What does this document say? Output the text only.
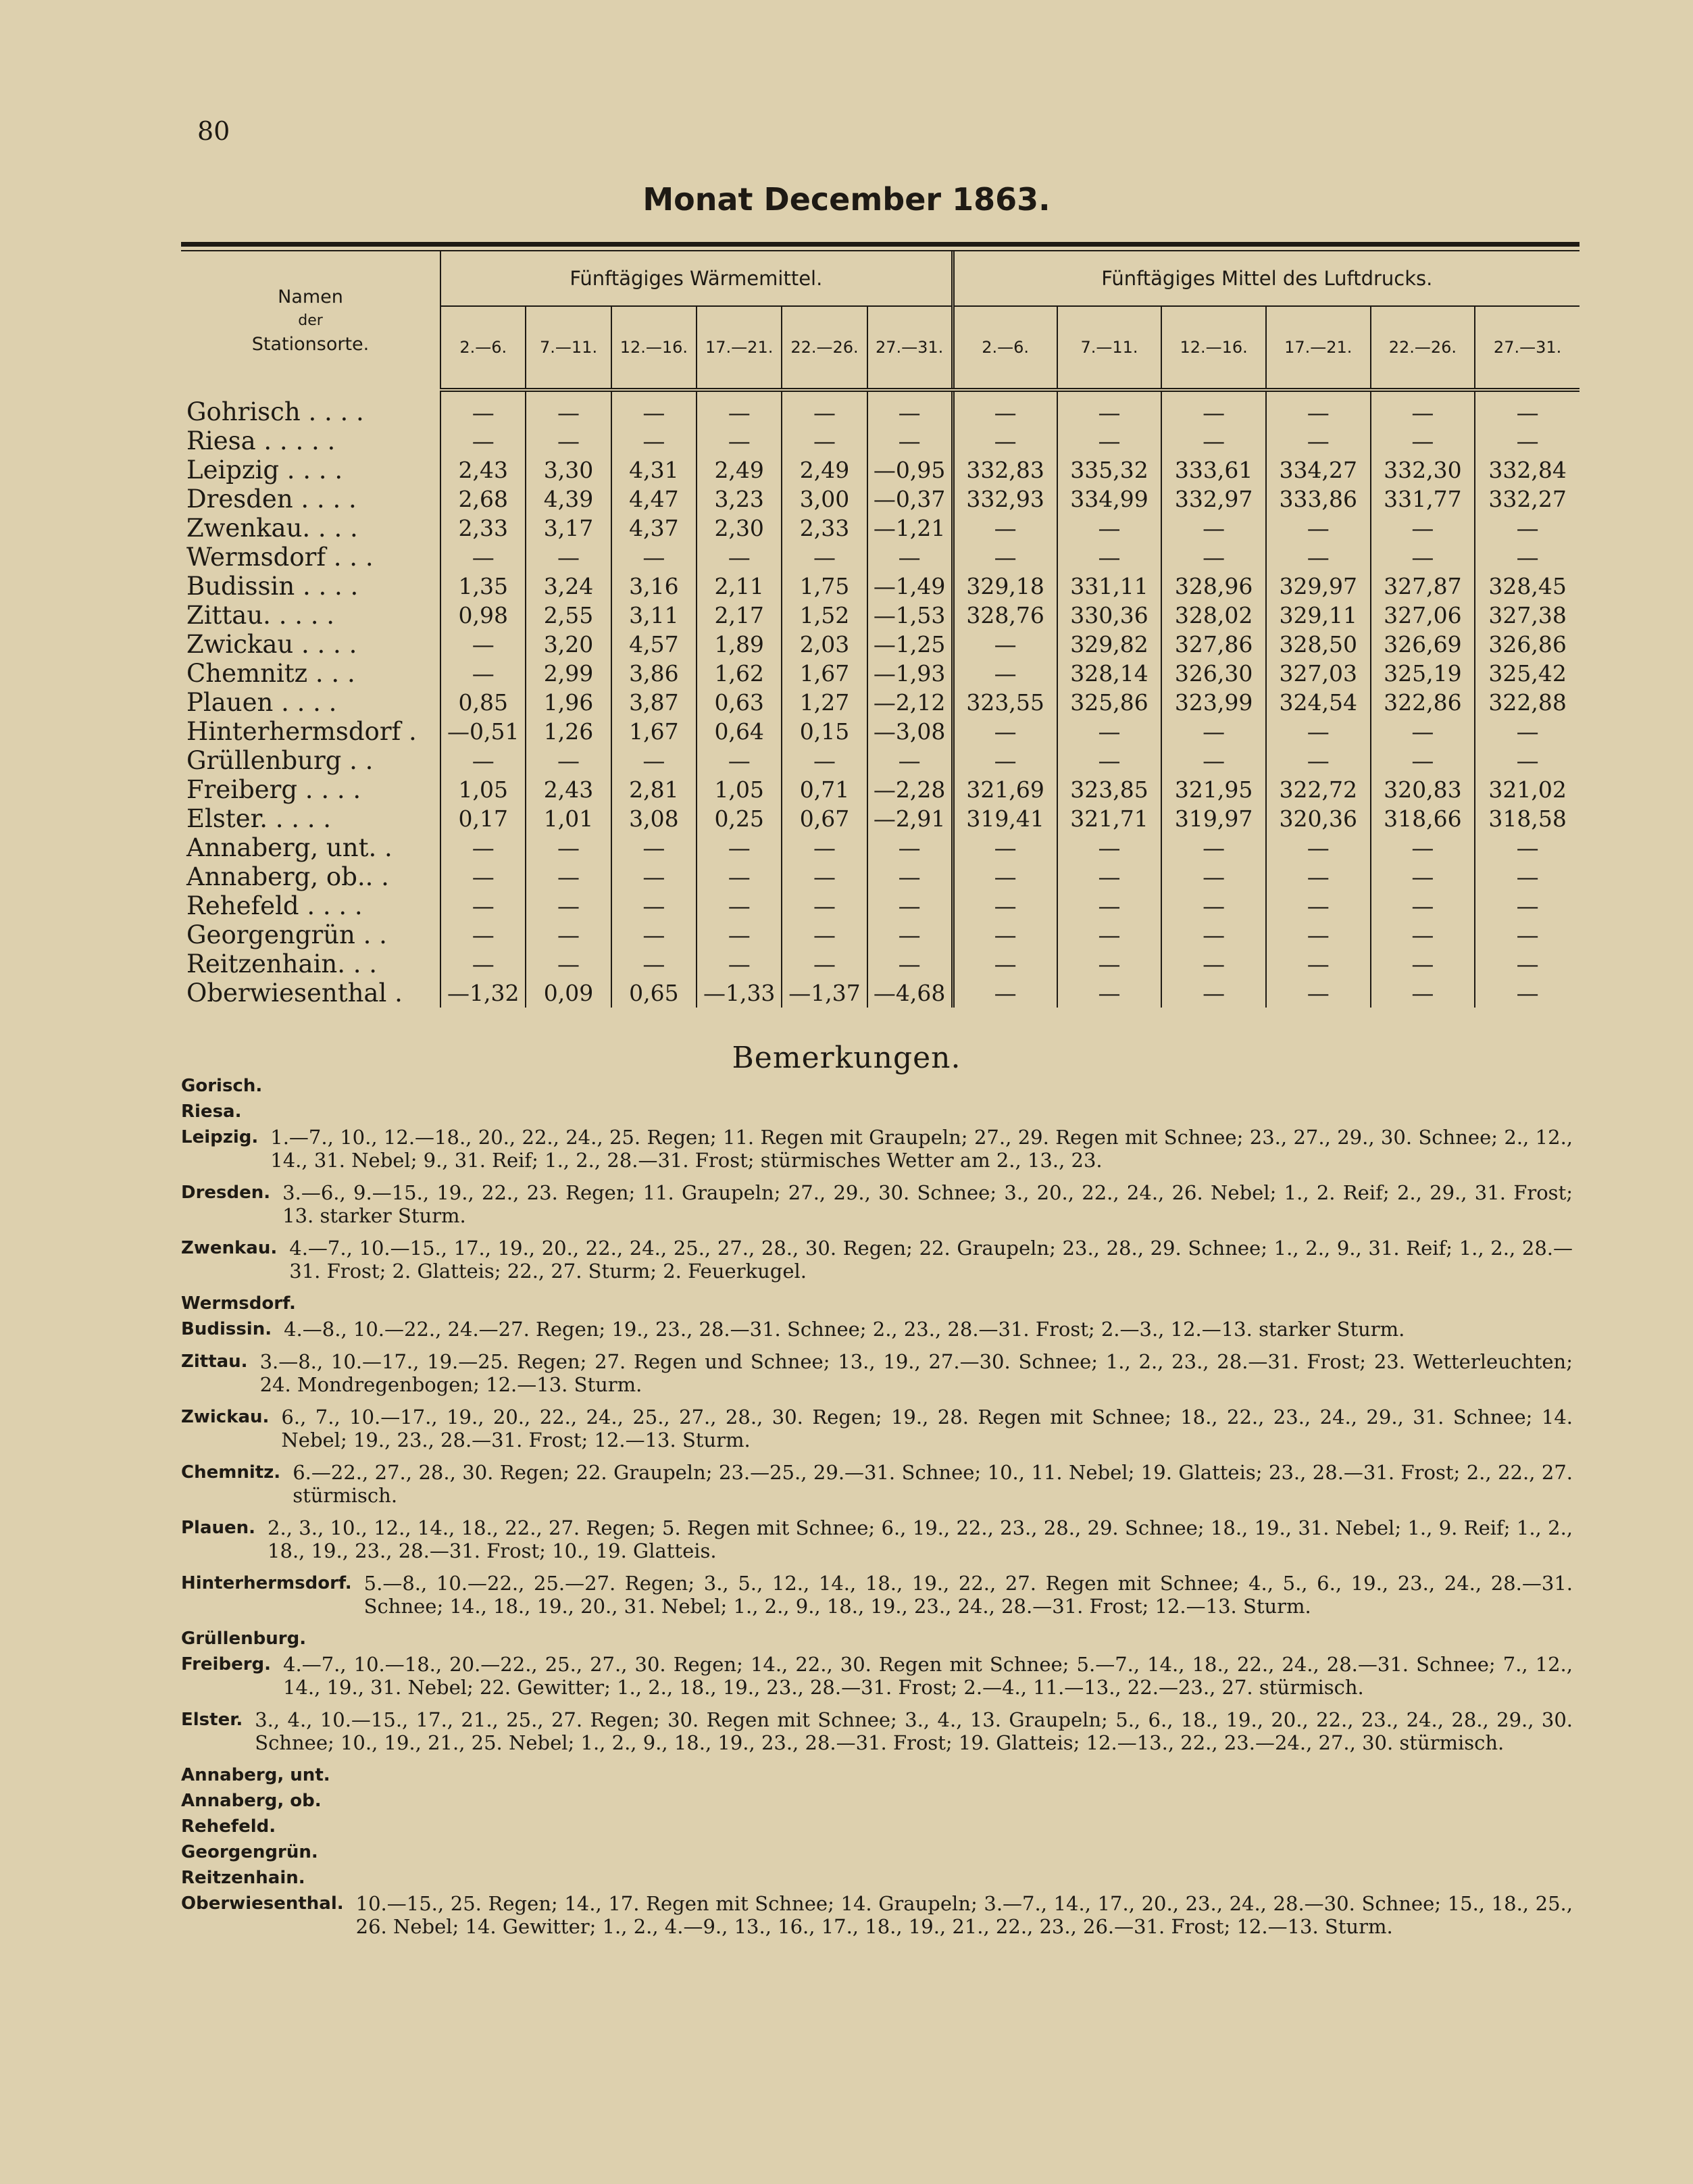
80
Monat December 1863.
Namen
der
Stationsorte.	Fünftägiges Wärmemittel.						Fünftägiges Mittel des Luftdrucks.					
	2.—6.	7.—11.	12.—16.	17.—21.	22.—26.	27.—31.	2.—6.	7.—11.	12.—16.	17.—21.	22.—26.	27.—31.
Gohrisch . . . .	—	—	—	—	—	—	—	—	—	—	—	—
Riesa . . . . .	—	—	—	—	—	—	—	—	—	—	—	—
Leipzig . . . .	2,43	3,30	4,31	2,49	2,49	—0,95	332,83	335,32	333,61	334,27	332,30	332,84
Dresden . . . .	2,68	4,39	4,47	3,23	3,00	—0,37	332,93	334,99	332,97	333,86	331,77	332,27
Zwenkau. . . .	2,33	3,17	4,37	2,30	2,33	—1,21	—	—	—	—	—	—
Wermsdorf . . .	—	—	—	—	—	—	—	—	—	—	—	—
Budissin . . . .	1,35	3,24	3,16	2,11	1,75	—1,49	329,18	331,11	328,96	329,97	327,87	328,45
Zittau. . . . .	0,98	2,55	3,11	2,17	1,52	—1,53	328,76	330,36	328,02	329,11	327,06	327,38
Zwickau . . . .	—	3,20	4,57	1,89	2,03	—1,25	—	329,82	327,86	328,50	326,69	326,86
Chemnitz . . .	—	2,99	3,86	1,62	1,67	—1,93	—	328,14	326,30	327,03	325,19	325,42
Plauen . . . .	0,85	1,96	3,87	0,63	1,27	—2,12	323,55	325,86	323,99	324,54	322,86	322,88
Hinterhermsdorf .	—0,51	1,26	1,67	0,64	0,15	—3,08	—	—	—	—	—	—
Grüllenburg . .	—	—	—	—	—	—	—	—	—	—	—	—
Freiberg . . . .	1,05	2,43	2,81	1,05	0,71	—2,28	321,69	323,85	321,95	322,72	320,83	321,02
Elster. . . . .	0,17	1,01	3,08	0,25	0,67	—2,91	319,41	321,71	319,97	320,36	318,66	318,58
Annaberg, unt. .	—	—	—	—	—	—	—	—	—	—	—	—
Annaberg, ob.. .	—	—	—	—	—	—	—	—	—	—	—	—
Rehefeld . . . .	—	—	—	—	—	—	—	—	—	—	—	—
Georgengrün . .	—	—	—	—	—	—	—	—	—	—	—	—
Reitzenhain. . .	—	—	—	—	—	—	—	—	—	—	—	—
Oberwiesenthal .	—1,32	0,09	0,65	—1,33	—1,37	—4,68	—	—	—	—	—	—
Bemerkungen.
Gorisch.
Riesa.
Leipzig. 1.—7., 10., 12.—18., 20., 22., 24., 25. Regen; 11. Regen mit Graupeln; 27., 29. Regen mit Schnee; 23., 27., 29., 30. Schnee; 2., 12., 14., 31. Nebel; 9., 31. Reif; 1., 2., 28.—31. Frost; stürmisches Wetter am 2., 13., 23.
Dresden. 3.—6., 9.—15., 19., 22., 23. Regen; 11. Graupeln; 27., 29., 30. Schnee; 3., 20., 22., 24., 26. Nebel; 1., 2. Reif; 2., 29., 31. Frost; 13. starker Sturm.
Zwenkau. 4.—7., 10.—15., 17., 19., 20., 22., 24., 25., 27., 28., 30. Regen; 22. Graupeln; 23., 28., 29. Schnee; 1., 2., 9., 31. Reif; 1., 2., 28.—31. Frost; 2. Glatteis; 22., 27. Sturm; 2. Feuerkugel.
Wermsdorf.
Budissin. 4.—8., 10.—22., 24.—27. Regen; 19., 23., 28.—31. Schnee; 2., 23., 28.—31. Frost; 2.—3., 12.—13. starker Sturm.
Zittau. 3.—8., 10.—17., 19.—25. Regen; 27. Regen und Schnee; 13., 19., 27.—30. Schnee; 1., 2., 23., 28.—31. Frost; 23. Wetterleuchten; 24. Mondregenbogen; 12.—13. Sturm.
Zwickau. 6., 7., 10.—17., 19., 20., 22., 24., 25., 27., 28., 30. Regen; 19., 28. Regen mit Schnee; 18., 22., 23., 24., 29., 31. Schnee; 14. Nebel; 19., 23., 28.—31. Frost; 12.—13. Sturm.
Chemnitz. 6.—22., 27., 28., 30. Regen; 22. Graupeln; 23.—25., 29.—31. Schnee; 10., 11. Nebel; 19. Glatteis; 23., 28.—31. Frost; 2., 22., 27. stürmisch.
Plauen. 2., 3., 10., 12., 14., 18., 22., 27. Regen; 5. Regen mit Schnee; 6., 19., 22., 23., 28., 29. Schnee; 18., 19., 31. Nebel; 1., 9. Reif; 1., 2., 18., 19., 23., 28.—31. Frost; 10., 19. Glatteis.
Hinterhermsdorf. 5.—8., 10.—22., 25.—27. Regen; 3., 5., 12., 14., 18., 19., 22., 27. Regen mit Schnee; 4., 5., 6., 19., 23., 24., 28.—31. Schnee; 14., 18., 19., 20., 31. Nebel; 1., 2., 9., 18., 19., 23., 24., 28.—31. Frost; 12.—13. Sturm.
Grüllenburg.
Freiberg. 4.—7., 10.—18., 20.—22., 25., 27., 30. Regen; 14., 22., 30. Regen mit Schnee; 5.—7., 14., 18., 22., 24., 28.—31. Schnee; 7., 12., 14., 19., 31. Nebel; 22. Gewitter; 1., 2., 18., 19., 23., 28.—31. Frost; 2.—4., 11.—13., 22.—23., 27. stürmisch.
Elster. 3., 4., 10.—15., 17., 21., 25., 27. Regen; 30. Regen mit Schnee; 3., 4., 13. Graupeln; 5., 6., 18., 19., 20., 22., 23., 24., 28., 29., 30. Schnee; 10., 19., 21., 25. Nebel; 1., 2., 9., 18., 19., 23., 28.—31. Frost; 19. Glatteis; 12.—13., 22., 23.—24., 27., 30. stürmisch.
Annaberg, unt.
Annaberg, ob.
Rehefeld.
Georgengrün.
Reitzenhain.
Oberwiesenthal. 10.—15., 25. Regen; 14., 17. Regen mit Schnee; 14. Graupeln; 3.—7., 14., 17., 20., 23., 24., 28.—30. Schnee; 15., 18., 25., 26. Nebel; 14. Gewitter; 1., 2., 4.—9., 13., 16., 17., 18., 19., 21., 22., 23., 26.—31. Frost; 12.—13. Sturm.
